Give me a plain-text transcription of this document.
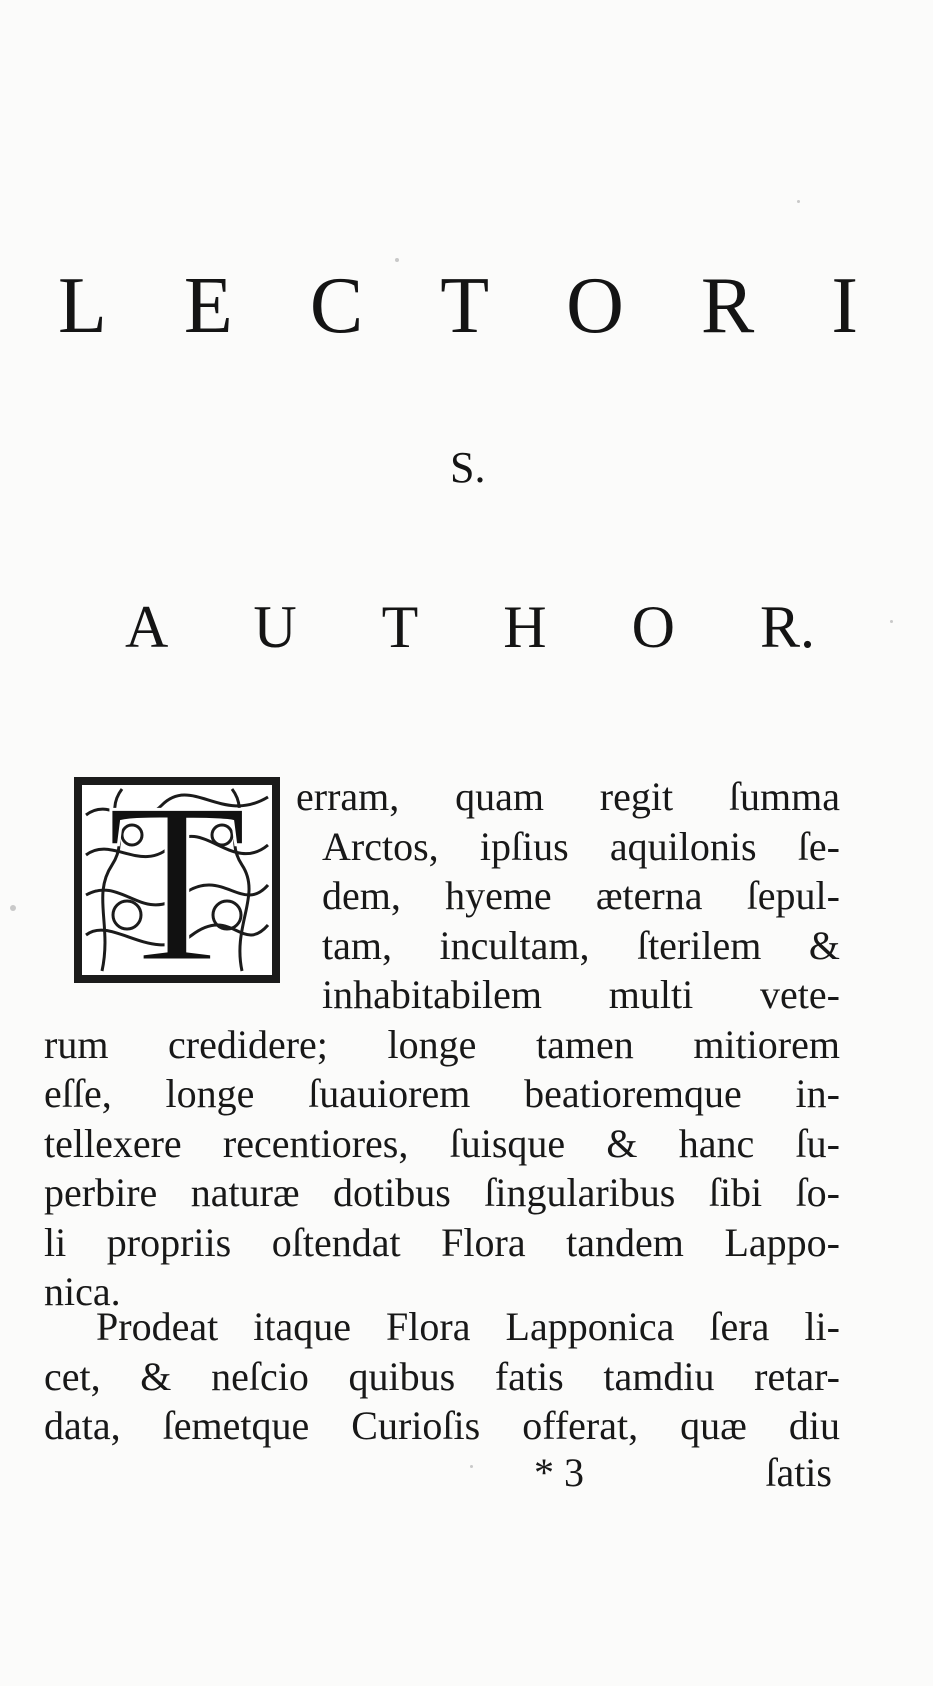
L E C T O R I
S.
A U T H O R.
T erram, quam regit ſumma
Arctos, ipſius aquilonis ſe-
dem, hyeme æterna ſepul-
tam, incultam, ſterilem &
inhabitabilem multi vete-
rum credidere; longe tamen mitiorem
eſſe, longe ſuauiorem beatioremque in-
tellexere recentiores, ſuisque & hanc ſu-
perbire naturæ dotibus ſingularibus ſibi ſo-
li propriis oſtendat Flora tandem Lappo-
nica.
Prodeat itaque Flora Lapponica ſera li-
cet, & neſcio quibus fatis tamdiu retar-
data, ſemetque Curioſis offerat, quæ diu
* 3	ſatis
